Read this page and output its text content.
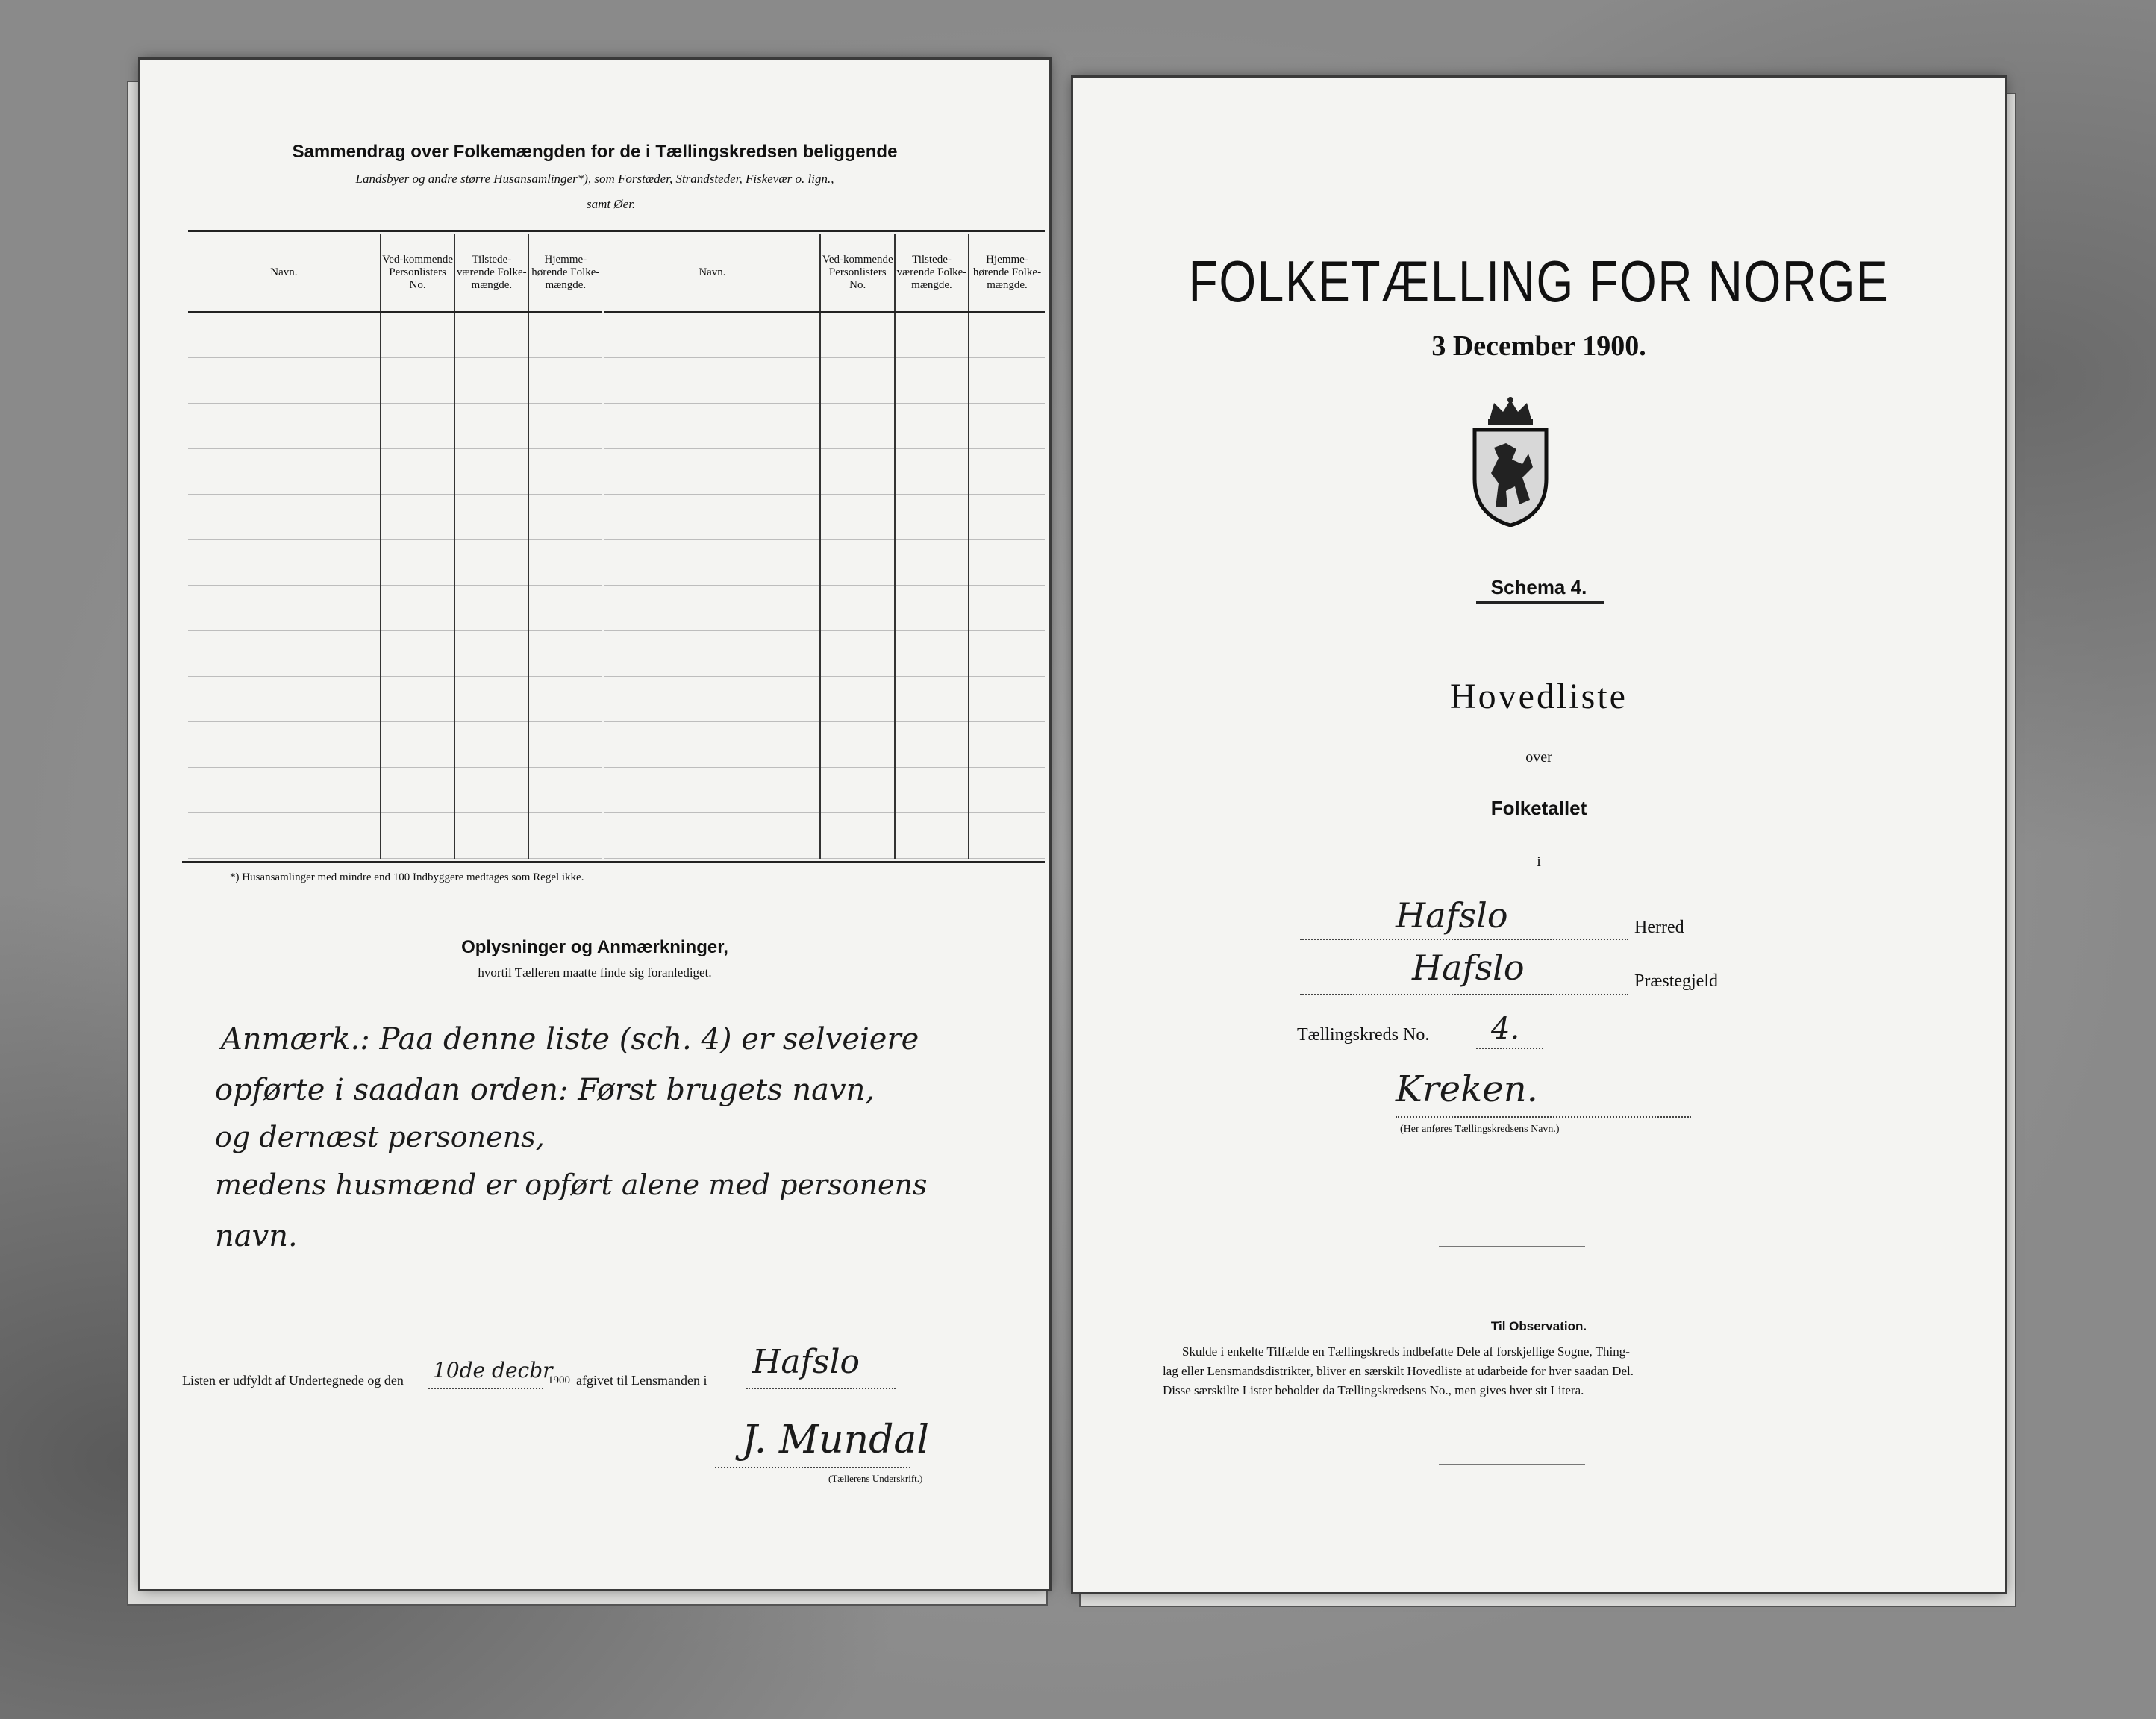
Sammendrag over Folkemængden for de i Tællingskredsen beliggende
Landsbyer og andre større Husansamlinger*), som Forstæder, Strandsteder, Fiskevær o. lign.,
samt Øer.
Navn.	Ved-kommende Personlisters No.	Tilstede-værende Folke-mængde.	Hjemme-hørende Folke-mængde.	Navn.	Ved-kommende Personlisters No.	Tilstede-værende Folke-mængde.	Hjemme-hørende Folke-mængde.

*) Husansamlinger med mindre end 100 Indbyggere medtages som Regel ikke.
Oplysninger og Anmærkninger,
hvortil Tælleren maatte finde sig foranlediget.
Anmærk.: Paa denne liste (sch. 4) er selveiere
opførte i saadan orden: Først brugets navn,
og dernæst personens,
medens husmænd er opført alene med personens
navn.
Listen er udfyldt af Undertegnede og den 10de decbr
1900 afgivet til Lensmanden i Hafslo
J. Mundal
(Tællerens Underskrift.)
FOLKETÆLLING FOR NORGE
3 December 1900.
Schema 4.
Hovedliste
over
Folketallet
i
Hafslo	Herred
Hafslo	Præstegjeld
Tællingskreds No. 4.
Kreken.
(Her anføres Tællingskredsens Navn.)
Til Observation.
Skulde i enkelte Tilfælde en Tællingskreds indbefatte Dele af forskjellige Sogne, Thing-
lag eller Lensmandsdistrikter, bliver en særskilt Hovedliste at udarbeide for hver saadan Del.
Disse særskilte Lister beholder da Tællingskredsens No., men gives hver sit Litera.
